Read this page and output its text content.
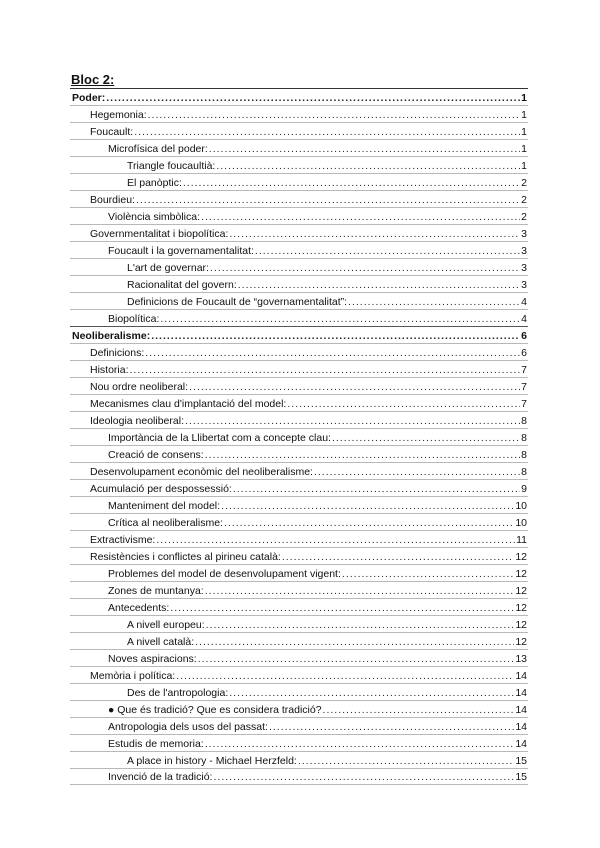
Bloc 2:
Poder: .....	1
Hegemonia: .....	1
Foucault: .....	1
Microfísica del poder: .....	1
Triangle foucaultià: .....	1
El panòptic: .....	2
Bourdieu: .....	2
Violència simbòlica: .....	2
Governmentalitat i biopolítica: .....	3
Foucault i la governamentalitat: .....	3
L'art de governar: .....	3
Racionalitat del govern: .....	3
Definicions de Foucault de “governamentalitat”: .....	4
Biopolítica: .....	4
Neoliberalisme: .....	6
Definicions: .....	6
Historia: .....	7
Nou ordre neoliberal: .....	7
Mecanismes clau d'implantació del model: .....	7
Ideologia neoliberal: .....	8
Importància de la Llibertat com a concepte clau: .....	8
Creació de consens: .....	8
Desenvolupament econòmic del neoliberalisme: .....	8
Acumulació per despossessió: .....	9
Manteniment del model: .....	10
Crítica al neoliberalisme: .....	10
Extractivisme: .....	11
Resistències i conflictes al pirineu català: .....	12
Problemes del model de desenvolupament vigent: .....	12
Zones de muntanya: .....	12
Antecedents: .....	12
A nivell europeu: .....	12
A nivell català: .....	12
Noves aspiracions: .....	13
Memòria i política: .....	14
Des de l'antropologia: .....	14
● Que és tradició? Que es considera tradició? .....	14
Antropologia dels usos del passat: .....	14
Estudis de memoria: .....	14
A place in history - Michael Herzfeld: .....	15
Invenció de la tradició: .....	15
